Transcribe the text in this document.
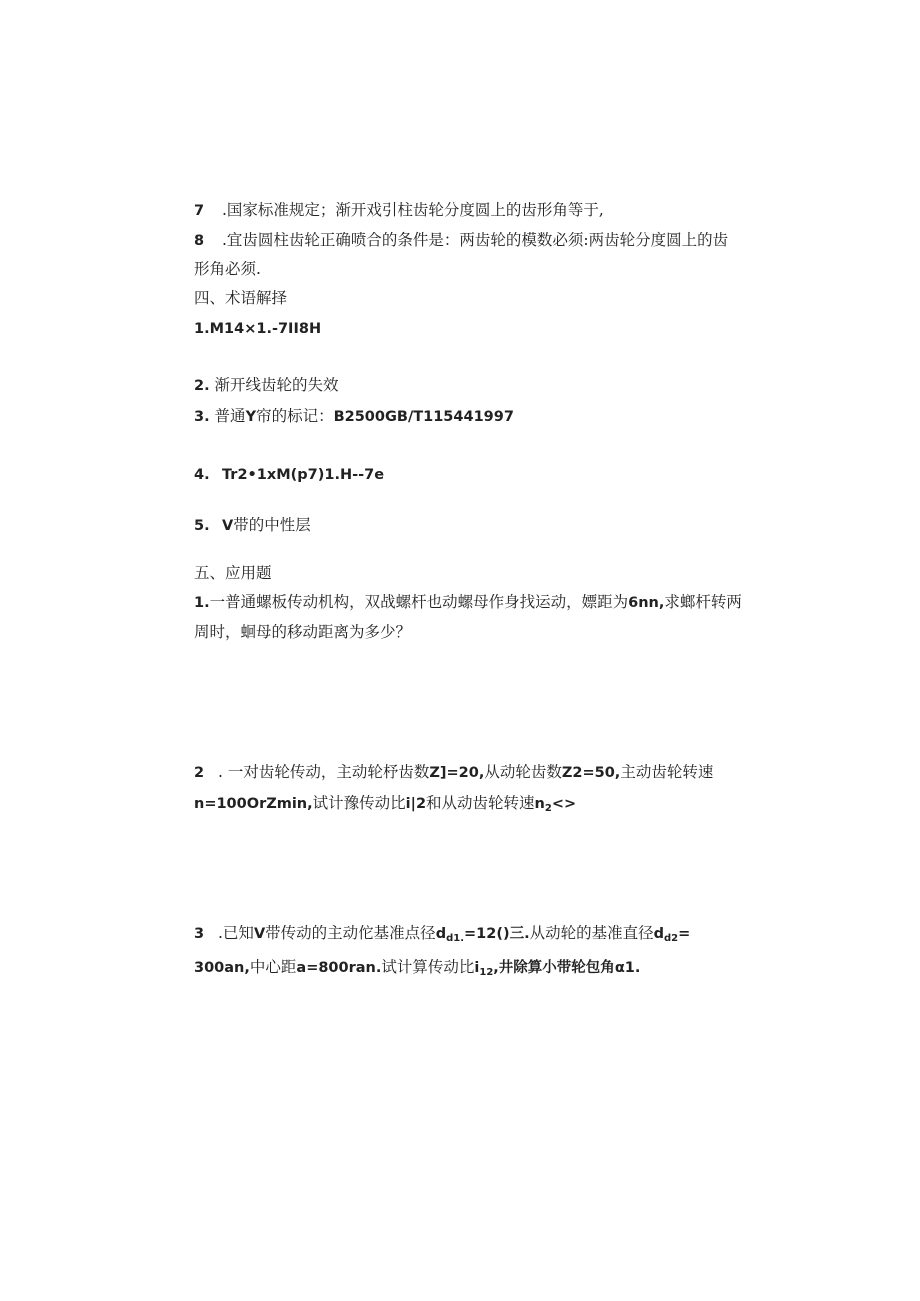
7 .国家标准规定；渐开戏引柱齿轮分度圆上的齿形角等于,
8 .宜齿圆柱齿轮正确喷合的条件是：两齿轮的模数必须:两齿轮分度圆上的齿
形角必须.
四、术语解择
1.M14×1.-7II8H
2. 渐开线齿轮的失效
3. 普通Y帘的标记：B2500GB/T115441997
4. Tr2•1xM(p7)1.H--7e
5. V带的中性层
五、应用题
1.一普通螺板传动机构，双战螺杆也动螺母作身找运动，嫖距为6nn,求螂杆转两
周时，蛔母的移动距离为多少？
2 . 一对齿轮传动，主动轮杼齿数Z]=20,从动轮齿数Z2=50,主动齿轮转速
n=100OrZmin,试计豫传动比i|2和从动齿轮转速$n_2<>$
3 .已知V带传动的主动佗基准点径$d_{d1.}=12()$三.从动轮的基准直径$d_{d2}=$
300an,中心距a=800ran.试计算传动比$i_{12}$,井除算小带轮包角α1.
